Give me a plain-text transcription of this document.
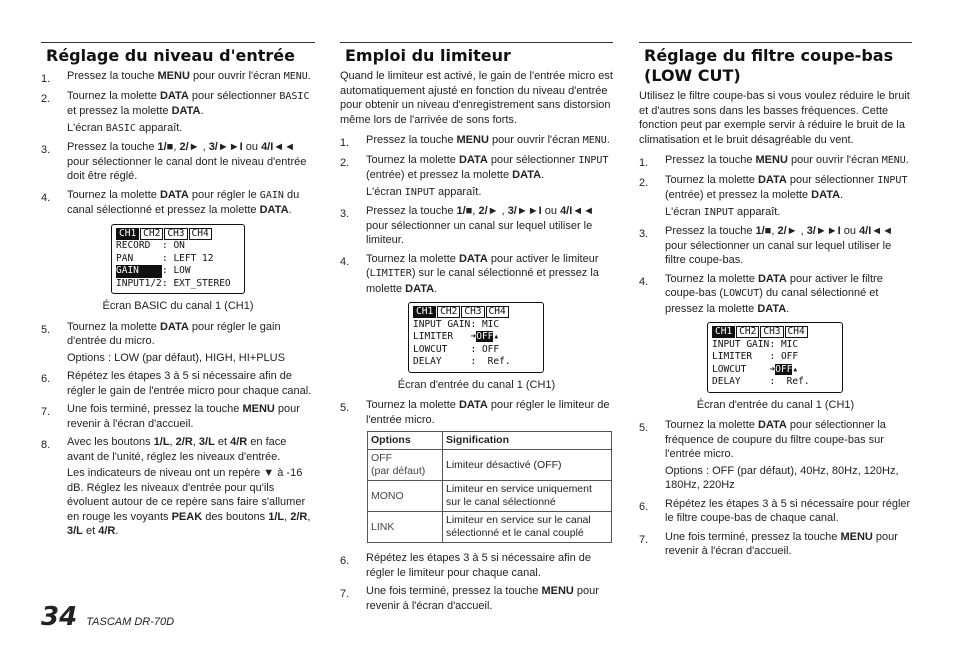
Réglage du niveau d'entrée
1. Pressez la touche MENU pour ouvrir l'écran MENU.
2. Tournez la molette DATA pour sélectionner BASIC et pressez la molette DATA.
L'écran BASIC apparaît.
3. Pressez la touche 1/■, 2/► , 3/►►I ou 4/I◄◄ pour sélectionner le canal dont le niveau d'entrée doit être réglé.
4. Tournez la molette DATA pour régler le GAIN du canal sélectionné et pressez la molette DATA.
CH1 CH2 CH3 CH4
RECORD : ON
PAN	: LEFT 12
GAIN : LOW
INPUT1/2: EXT_STEREO
Écran BASIC du canal 1 (CH1)
5. Tournez la molette DATA pour régler le gain d'entrée du micro.
Options : LOW (par défaut), HIGH, HI+PLUS
6. Répétez les étapes 3 à 5 si nécessaire afin de régler le gain de l'entrée micro pour chaque canal.
7. Une fois terminé, pressez la touche MENU pour revenir à l'écran d'accueil.
8. Avec les boutons 1/L, 2/R, 3/L et 4/R en face avant de l'unité, réglez les niveaux d'entrée.
Les indicateurs de niveau ont un repère ▼ à -16 dB. Réglez les niveaux d'entrée pour qu'ils évoluent autour de ce repère sans faire s'allumer en rouge les voyants PEAK des boutons 1/L, 2/R, 3/L et 4/R.
Emploi du limiteur

Quand le limiteur est activé, le gain de l'entrée micro est automatiquement ajusté en fonction du niveau d'entrée pour obtenir un niveau d'enregistrement sans distorsion même lors de l'arrivée de sons forts.

1. Pressez la touche MENU pour ouvrir l'écran MENU.
2. Tournez la molette DATA pour sélectionner INPUT (entrée) et pressez la molette DATA.
L'écran INPUT apparaît.
3. Pressez la touche 1/■, 2/► , 3/►►I ou 4/I◄◄ pour sélectionner un canal sur lequel utiliser le limiteur.
4. Tournez la molette DATA pour activer le limiteur (LIMITER) sur le canal sélectionné et pressez la molette DATA.
CH1 CH2 CH3 CH4
INPUT GAIN: MIC
LIMITER ➔OFF▴
LOWCUT : OFF
DELAY	:  Ref.
Écran d'entrée du canal 1 (CH1)
5. Tournez la molette DATA pour régler le limiteur de l'entrée micro.
Options	Signification
OFF
(par défaut)	Limiteur désactivé (OFF)
MONO	Limiteur en service uniquement sur le canal sélectionné
LINK	Limiteur en service sur le canal sélectionné et le canal couplé
6. Répétez les étapes 3 à 5 si nécessaire afin de régler le limiteur pour chaque canal.
7. Une fois terminé, pressez la touche MENU pour revenir à l'écran d'accueil.
Réglage du filtre coupe-bas (LOW CUT)

Utilisez le filtre coupe-bas si vous voulez réduire le bruit et d'autres sons dans les basses fréquences. Cette fonction peut par exemple servir à réduire le bruit de la climatisation et le bruit désagréable du vent.

1. Pressez la touche MENU pour ouvrir l'écran MENU.
2. Tournez la molette DATA pour sélectionner INPUT (entrée) et pressez la molette DATA.
L'écran INPUT apparaît.
3. Pressez la touche 1/■, 2/► , 3/►►I ou 4/I◄◄ pour sélectionner un canal sur lequel utiliser le filtre coupe-bas.
4. Tournez la molette DATA pour activer le filtre coupe-bas (LOWCUT) du canal sélectionné et pressez la molette DATA.
CH1 CH2 CH3 CH4
INPUT GAIN: MIC
LIMITER : OFF
LOWCUT ➔OFF▴
DELAY	:  Ref.
Écran d'entrée du canal 1 (CH1)
5. Tournez la molette DATA pour sélectionner la fréquence de coupure du filtre coupe-bas sur l'entrée micro.
Options : OFF (par défaut), 40Hz, 80Hz, 120Hz, 180Hz, 220Hz
6. Répétez les étapes 3 à 5 si nécessaire pour régler le filtre coupe-bas de chaque canal.
7. Une fois terminé, pressez la touche MENU pour revenir à l'écran d'accueil.
34 TASCAM DR-70D
